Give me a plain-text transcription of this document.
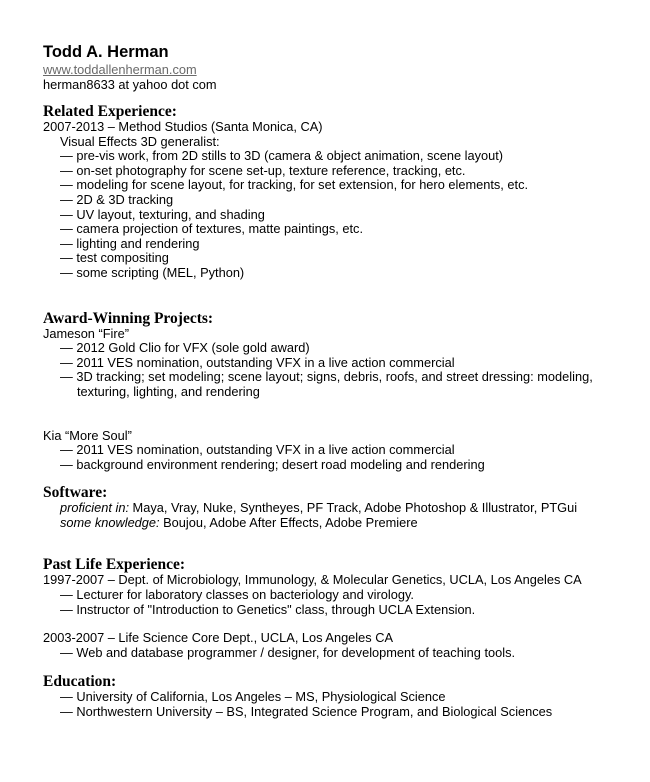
Todd A. Herman
www.toddallenherman.com
herman8633 at yahoo dot com
Related Experience:
2007-2013 – Method Studios (Santa Monica, CA)
Visual Effects 3D generalist:
— pre-vis work, from 2D stills to 3D (camera & object animation, scene layout)
— on-set photography for scene set-up, texture reference, tracking, etc.
— modeling for scene layout, for tracking, for set extension, for hero elements, etc.
— 2D & 3D tracking
— UV layout, texturing, and shading
— camera projection of textures, matte paintings, etc.
— lighting and rendering
— test compositing
— some scripting (MEL, Python)
Award-Winning Projects:
Jameson “Fire”
— 2012 Gold Clio for VFX (sole gold award)
— 2011 VES nomination, outstanding VFX in a live action commercial
— 3D tracking; set modeling; scene layout; signs, debris, roofs, and street dressing: modeling,
texturing, lighting, and rendering
Kia “More Soul”
— 2011 VES nomination, outstanding VFX in a live action commercial
— background environment rendering; desert road modeling and rendering
Software:
proficient in: Maya, Vray, Nuke, Syntheyes, PF Track, Adobe Photoshop & Illustrator, PTGui
some knowledge: Boujou, Adobe After Effects, Adobe Premiere
Past Life Experience:
1997-2007 – Dept. of Microbiology, Immunology, & Molecular Genetics, UCLA, Los Angeles CA
— Lecturer for laboratory classes on bacteriology and virology.
— Instructor of "Introduction to Genetics" class, through UCLA Extension.
2003-2007 – Life Science Core Dept., UCLA, Los Angeles CA
— Web and database programmer / designer, for development of teaching tools.
Education:
— University of California, Los Angeles – MS, Physiological Science
— Northwestern University – BS, Integrated Science Program, and Biological Sciences
